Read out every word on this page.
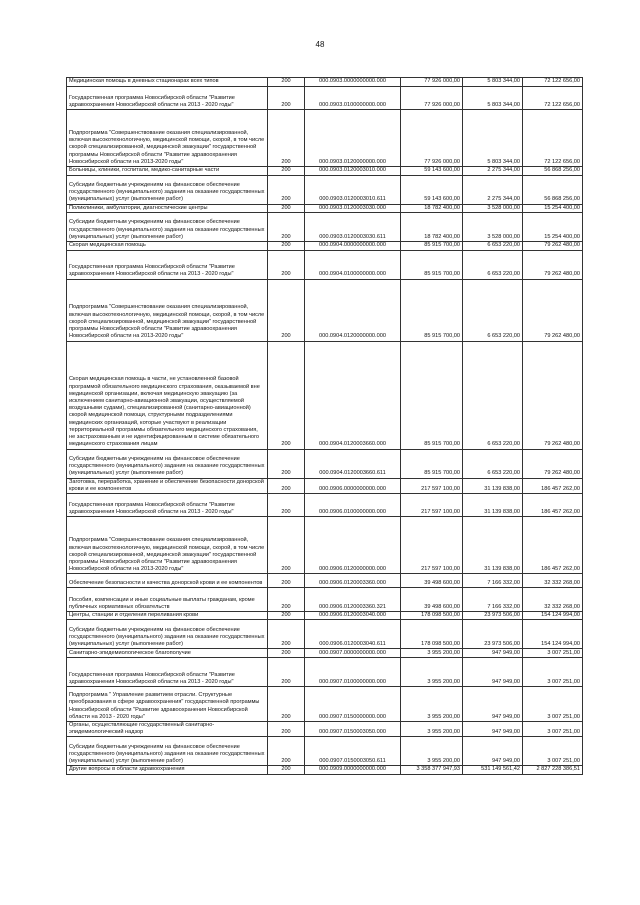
48
Медицинская помощь в дневных стационарах всех типов	200	000.0903.0000000000.000	77 926 000,00	5 803 344,00	72 122 656,00
Государственная программа Новосибирской области "Развитие здравоохранения Новосибирской области на 2013 - 2020 годы"	200	000.0903.0100000000.000	77 926 000,00	5 803 344,00	72 122 656,00
Подпрограмма "Совершенствование оказания специализированной, включая высокотехнологичную, медицинской помощи, скорой, в том числе скорой специализированной, медицинской эвакуации" государственной программы Новосибирской области "Развитие здравоохранения Новосибирской области на 2013-2020 годы"	200	000.0903.0120000000.000	77 926 000,00	5 803 344,00	72 122 656,00
Больницы, клиники, госпитали, медико-санитарные части	200	000.0903.0120003010.000	59 143 600,00	2 275 344,00	56 868 256,00
Субсидии бюджетным учреждениям на финансовое обеспечение государственного (муниципального) задания на оказание государственных (муниципальных) услуг (выполнение работ)	200	000.0903.0120003010.611	59 143 600,00	2 275 344,00	56 868 256,00
Поликлиники, амбулатории, диагностические центры	200	000.0903.0120003030.000	18 782 400,00	3 528 000,00	15 254 400,00
Субсидии бюджетным учреждениям на финансовое обеспечение государственного (муниципального) задания на оказание государственных (муниципальных) услуг (выполнение работ)	200	000.0903.0120003030.611	18 782 400,00	3 528 000,00	15 254 400,00
Скорая медицинская помощь	200	000.0904.0000000000.000	85 915 700,00	6 653 220,00	79 262 480,00
Государственная программа Новосибирской области "Развитие здравоохранения Новосибирской области на 2013 - 2020 годы"	200	000.0904.0100000000.000	85 915 700,00	6 653 220,00	79 262 480,00
Подпрограмма "Совершенствование оказания специализированной, включая высокотехнологичную, медицинской помощи, скорой, в том числе скорой специализированной, медицинской эвакуации" государственной программы Новосибирской области "Развитие здравоохранения Новосибирской области на 2013-2020 годы"	200	000.0904.0120000000.000	85 915 700,00	6 653 220,00	79 262 480,00
Скорая медицинская помощь в части, не установленной базовой программой обязательного медицинского страхования, оказываемой вне медицинской организации, включая медицинскую эвакуацию (за исключением санитарно-авиационной эвакуации, осуществляемой воздушными судами), специализированной (санитарно-авиационной) скорой медицинской помощи, структурными подразделениями медицинских организаций, которые участвуют в реализации территориальной программы обязательного медицинского страхования, не застрахованным и не идентифицированным в системе обязательного медицинского страхования лицам	200	000.0904.0120003660.000	85 915 700,00	6 653 220,00	79 262 480,00
Субсидии бюджетным учреждениям на финансовое обеспечение государственного (муниципального) задания на оказание государственных (муниципальных) услуг (выполнение работ)	200	000.0904.0120003660.611	85 915 700,00	6 653 220,00	79 262 480,00
Заготовка, переработка, хранение и обеспечение безопасности донорской крови и ее компонентов	200	000.0906.0000000000.000	217 597 100,00	31 139 838,00	186 457 262,00
Государственная программа Новосибирской области "Развитие здравоохранения Новосибирской области на 2013 - 2020 годы"	200	000.0906.0100000000.000	217 597 100,00	31 139 838,00	186 457 262,00
Подпрограмма "Совершенствование оказания специализированной, включая высокотехнологичную, медицинской помощи, скорой, в том числе скорой специализированной, медицинской эвакуации" государственной программы Новосибирской области "Развитие здравоохранения Новосибирской области на 2013-2020 годы"	200	000.0906.0120000000.000	217 597 100,00	31 139 838,00	186 457 262,00
Обеспечение безопасности и качества донорской крови и ее компонентов	200	000.0906.0120003360.000	39 498 600,00	7 166 332,00	32 332 268,00
Пособия, компенсации и иные социальные выплаты гражданам, кроме публичных нормативных обязательств	200	000.0906.0120003360.321	39 498 600,00	7 166 332,00	32 332 268,00
Центры, станции и отделения переливания крови	200	000.0906.0120003040.000	178 098 500,00	23 973 506,00	154 124 994,00
Субсидии бюджетным учреждениям на финансовое обеспечение государственного (муниципального) задания на оказание государственных (муниципальных) услуг (выполнение работ)	200	000.0906.0120003040.611	178 098 500,00	23 973 506,00	154 124 994,00
Санитарно-эпидемиологическое благополучие	200	000.0907.0000000000.000	3 955 200,00	947 949,00	3 007 251,00
Государственная программа Новосибирской области "Развитие здравоохранения Новосибирской области на 2013 - 2020 годы"	200	000.0907.0100000000.000	3 955 200,00	947 949,00	3 007 251,00
Подпрограмма " Управление развитием отрасли. Структурные преобразования в сфере здравоохранения" государственной программы Новосибирской области "Развитие здравоохранения Новосибирской области на 2013 - 2020 годы"	200	000.0907.0150000000.000	3 955 200,00	947 949,00	3 007 251,00
Органы, осуществляющие государственный санитарно-эпидемиологический надзор	200	000.0907.0150003050.000	3 955 200,00	947 949,00	3 007 251,00
Субсидии бюджетным учреждениям на финансовое обеспечение государственного (муниципального) задания на оказание государственных (муниципальных) услуг (выполнение работ)	200	000.0907.0150003050.611	3 955 200,00	947 949,00	3 007 251,00
Другие вопросы в области здравоохранения	200	000.0909.0000000000.000	3 358 377 947,93	531 149 561,42	2 827 228 386,51
